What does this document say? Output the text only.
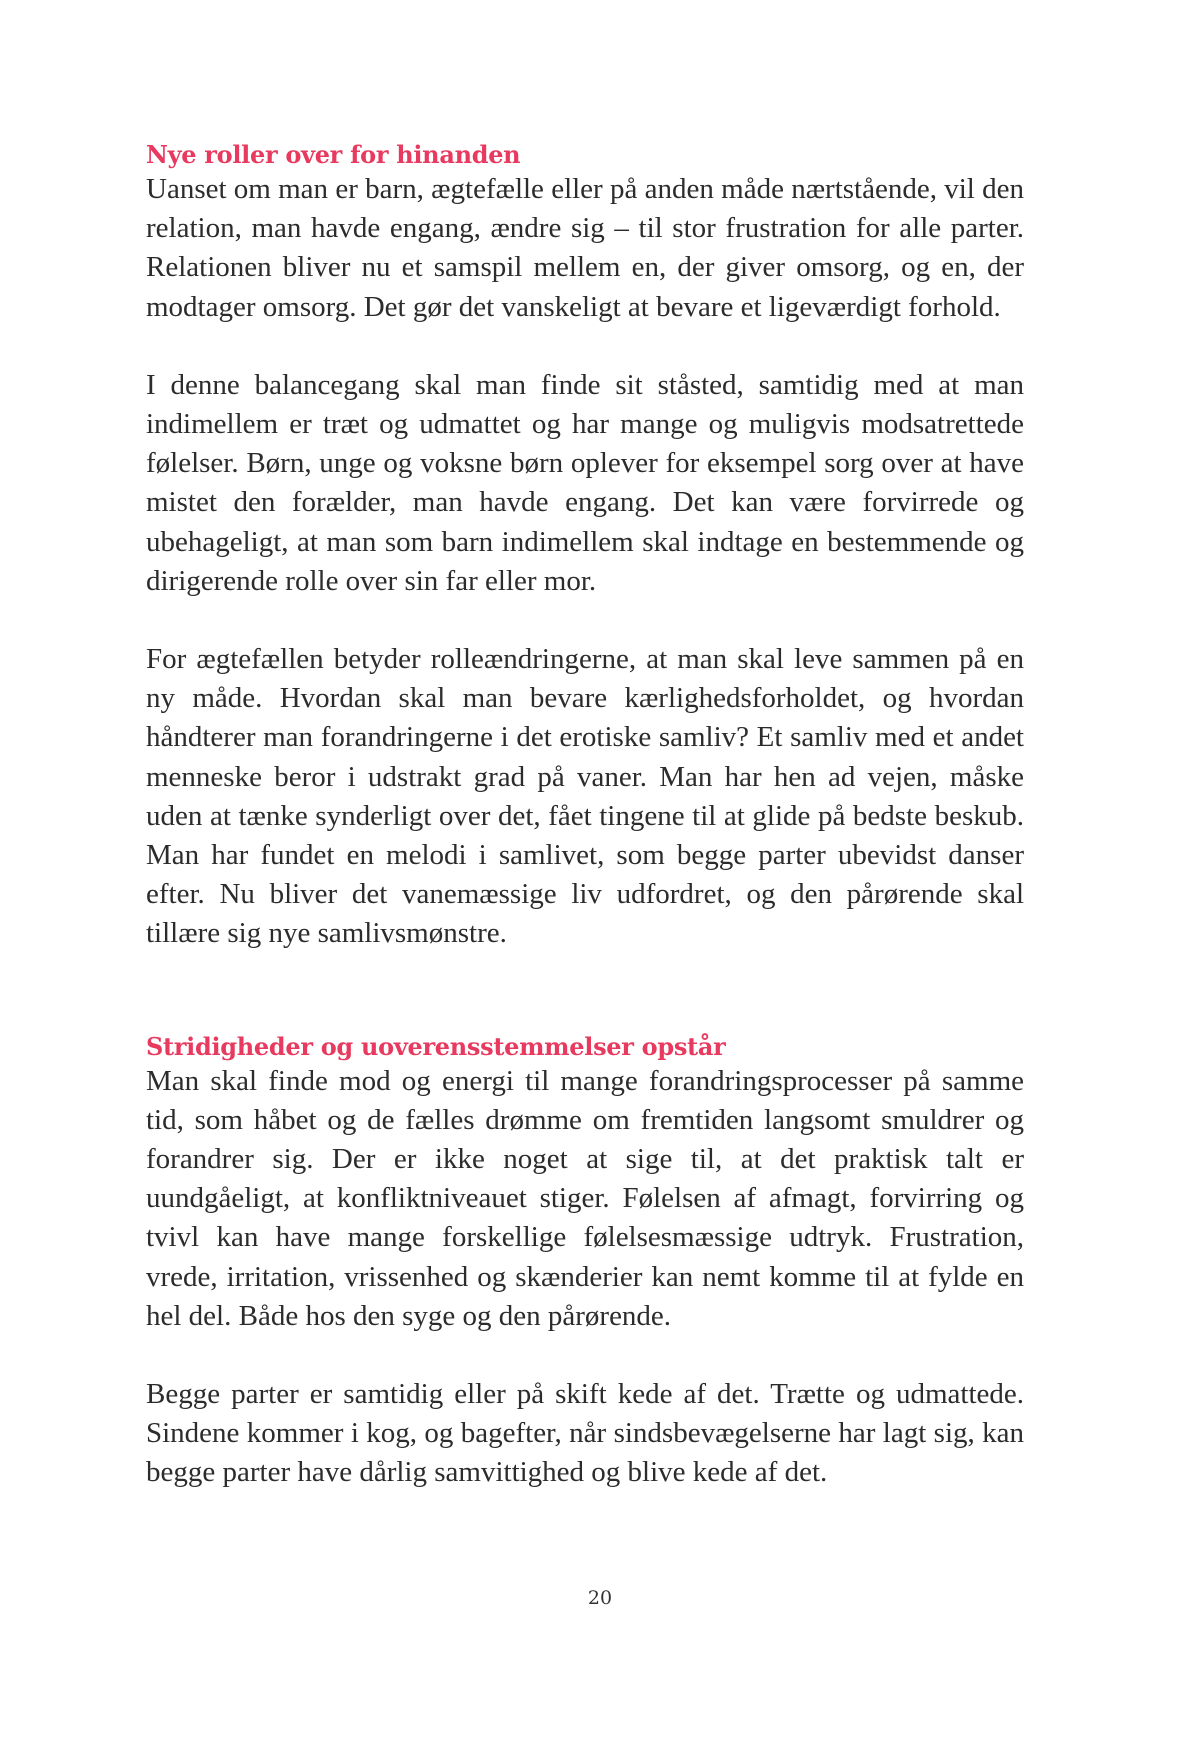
Nye roller over for hinanden

Uanset om man er barn, ægtefælle eller på anden måde nærtstående, vil den relation, man havde engang, ændre sig – til stor frustration for alle parter. Relationen bliver nu et samspil mellem en, der giver omsorg, og en, der modtager omsorg. Det gør det vanskeligt at bevare et ligeværdigt forhold.

I denne balancegang skal man finde sit ståsted, samtidig med at man indimellem er træt og udmattet og har mange og muligvis modsatrettede følelser. Børn, unge og voksne børn oplever for eksempel sorg over at have mistet den forælder, man havde engang. Det kan være forvirrede og ubehageligt, at man som barn indimellem skal indtage en bestemmende og dirigerende rolle over sin far eller mor.

For ægtefællen betyder rolleændringerne, at man skal leve sammen på en ny måde. Hvordan skal man bevare kærlighedsforholdet, og hvordan håndterer man forandringerne i det erotiske samliv? Et samliv med et andet menneske beror i udstrakt grad på vaner. Man har hen ad vejen, måske uden at tænke synderligt over det, fået tingene til at glide på bedste beskub. Man har fundet en melodi i samlivet, som begge parter ubevidst danser efter. Nu bliver det vanemæssige liv udfordret, og den pårørende skal tillære sig nye samlivsmønstre.

Stridigheder og uoverensstemmelser opstår

Man skal finde mod og energi til mange forandringsprocesser på samme tid, som håbet og de fælles drømme om fremtiden langsomt smuldrer og forandrer sig. Der er ikke noget at sige til, at det praktisk talt er uundgåeligt, at konfliktniveauet stiger. Følelsen af afmagt, forvirring og tvivl kan have mange forskellige følelsesmæssige udtryk. Frustration, vrede, irritation, vrissenhed og skænderier kan nemt komme til at fylde en hel del. Både hos den syge og den pårørende.

Begge parter er samtidig eller på skift kede af det. Trætte og udmattede. Sindene kommer i kog, og bagefter, når sindsbevægelserne har lagt sig, kan begge parter have dårlig samvittighed og blive kede af det.

20
